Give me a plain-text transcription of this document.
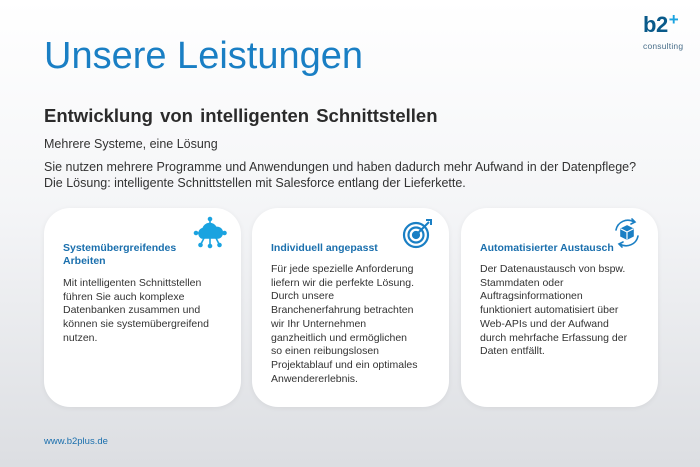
b2+
consulting
Unsere Leistungen
Entwicklung von intelligenten Schnittstellen
Mehrere Systeme, eine Lösung
Sie nutzen mehrere Programme und Anwendungen und haben dadurch mehr Aufwand in der Datenpflege?
Die Lösung: intelligente Schnittstellen mit Salesforce entlang der Lieferkette.
Systemübergreifendes
Arbeiten
Mit intelligenten Schnittstellen
führen Sie auch komplexe
Datenbanken zusammen und
können sie systemübergreifend
nutzen.
Individuell angepasst
Für jede spezielle Anforderung
liefern wir die perfekte Lösung.
Durch unsere
Branchenerfahrung betrachten
wir Ihr Unternehmen
ganzheitlich und ermöglichen
so einen reibungslosen
Projektablauf und ein optimales
Anwendererlebnis.
Automatisierter Austausch
Der Datenaustausch von bspw.
Stammdaten oder
Auftragsinformationen
funktioniert automatisiert über
Web-APIs und der Aufwand
durch mehrfache Erfassung der
Daten entfällt.
www.b2plus.de
